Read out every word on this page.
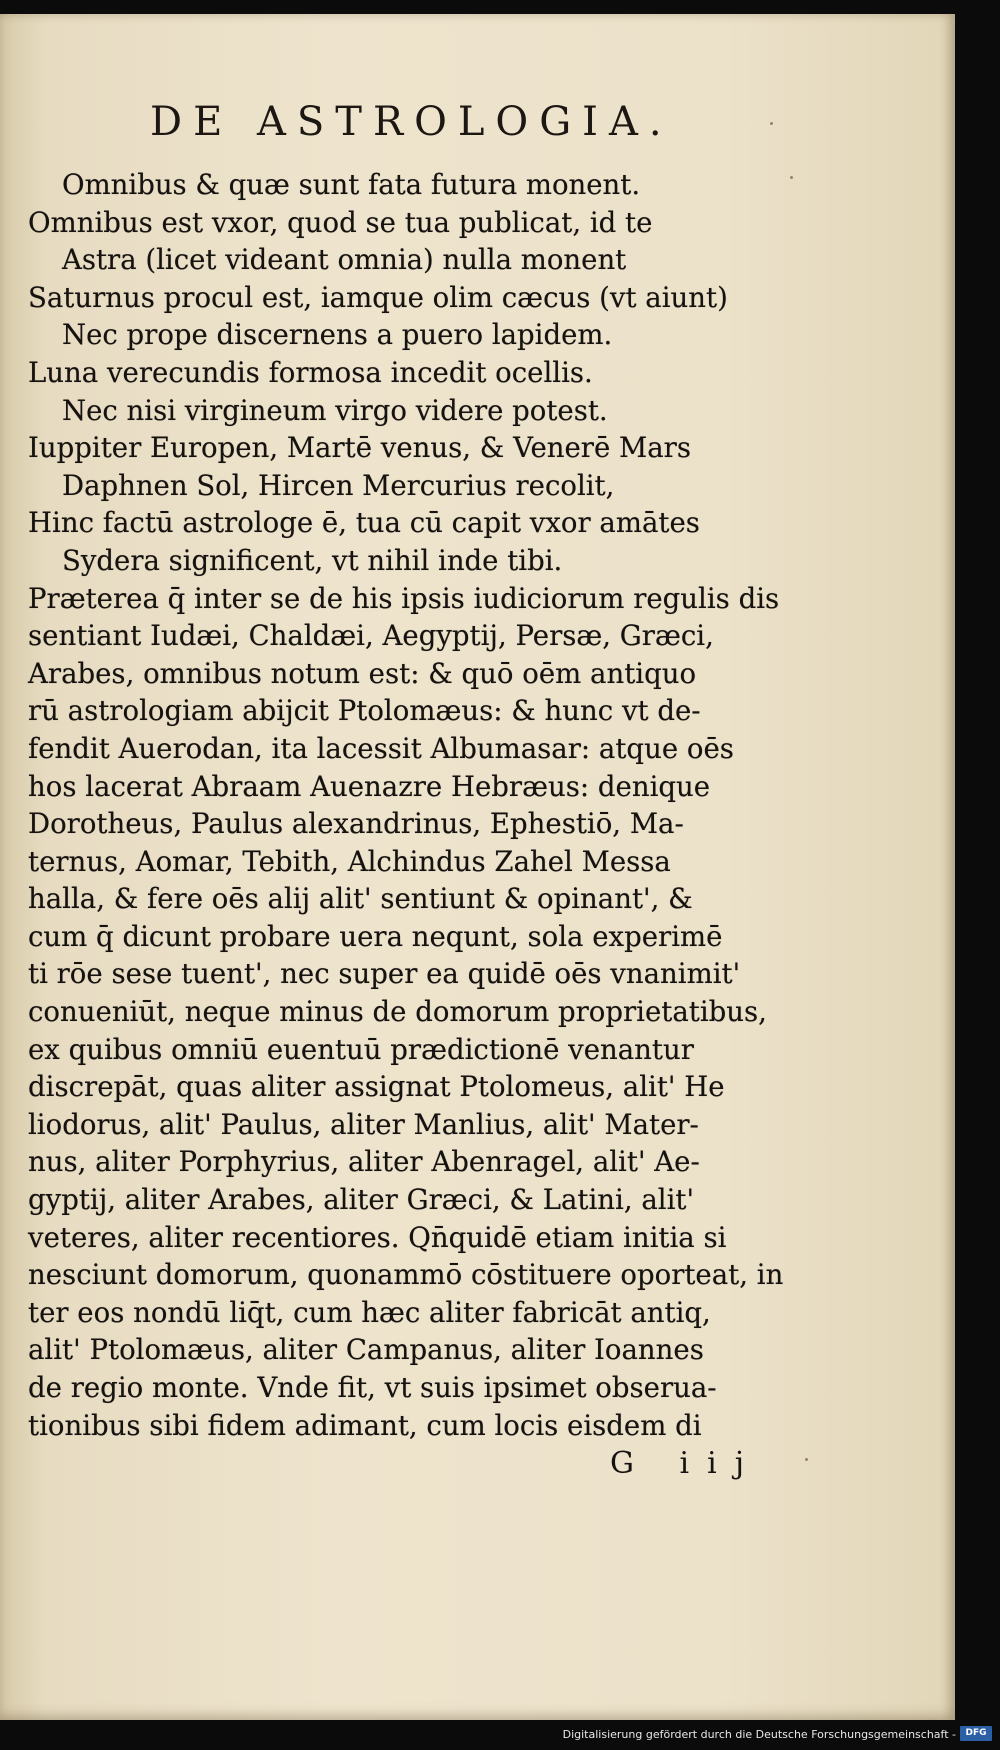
DE ASTROLOGIA.
Omnibus & quæ sunt fata futura monent.
Omnibus est vxor, quod se tua publicat, id te
Astra (licet videant omnia) nulla monent
Saturnus procul est, iamque olim cæcus (vt aiunt)
Nec prope discernens a puero lapidem.
Luna verecundis formosa incedit ocellis.
Nec nisi virgineum virgo videre potest.
Iuppiter Europen, Martē venus, & Venerē Mars
Daphnen Sol, Hircen Mercurius recolit,
Hinc factū astrologe ē, tua cū capit vxor amātes
Sydera significent, vt nihil inde tibi.
Præterea q̄ inter se de his ipsis iudiciorum regulis dis
sentiant Iudæi, Chaldæi, Aegyptij, Persæ, Græci,
Arabes, omnibus notum est: & quō oēm antiquo
rū astrologiam abijcit Ptolomæus: & hunc vt de-
fendit Auerodan, ita lacessit Albumasar: atque oēs
hos lacerat Abraam Auenazre Hebræus: denique
Dorotheus, Paulus alexandrinus, Ephestiō, Ma-
ternus, Aomar, Tebith, Alchindus Zahel Messa
halla, & fere oēs alij alit' sentiunt & opinant', &
cum q̄ dicunt probare uera nequnt, sola experimē
ti rōe sese tuent', nec super ea quidē oēs vnanimit'
conueniūt, neque minus de domorum proprietatibus,
ex quibus omniū euentuū prædictionē venantur
discrepāt, quas aliter assignat Ptolomeus, alit' He
liodorus, alit' Paulus, aliter Manlius, alit' Mater-
nus, aliter Porphyrius, aliter Abenragel, alit' Ae-
gyptij, aliter Arabes, aliter Græci, & Latini, alit'
veteres, aliter recentiores. Qn̄quidē etiam initia si
nesciunt domorum, quonammō cōstituere oporteat, in
ter eos nondū liq̄t, cum hæc aliter fabricāt antiq,
alit' Ptolomæus, aliter Campanus, aliter Ioannes
de regio monte. Vnde fit, vt suis ipsimet obserua-
tionibus sibi fidem adimant, cum locis eisdem di
G iij
Digitalisierung gefördert durch die Deutsche Forschungsgemeinschaft -	DFG
